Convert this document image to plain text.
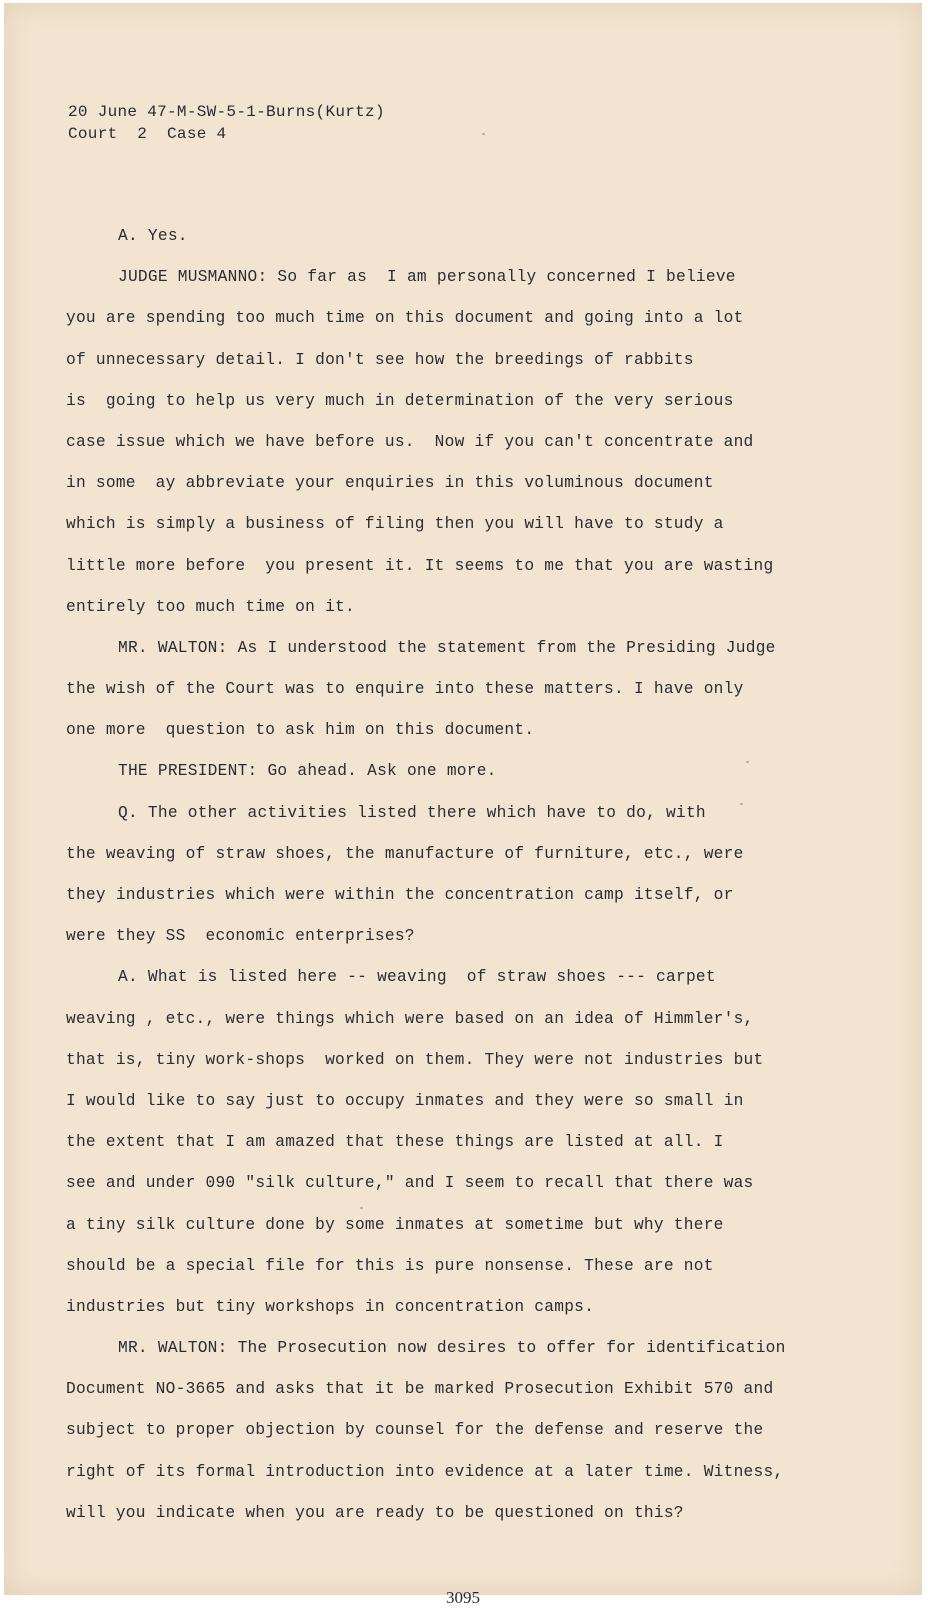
20 June 47-M-SW-5-1-Burns(Kurtz)
Court  2  Case 4
A. Yes.
JUDGE MUSMANNO: So far as  I am personally concerned I believe
you are spending too much time on this document and going into a lot
of unnecessary detail. I don't see how the breedings of rabbits
is  going to help us very much in determination of the very serious
case issue which we have before us.  Now if you can't concentrate and
in some  ay abbreviate your enquiries in this voluminous document
which is simply a business of filing then you will have to study a
little more before  you present it. It seems to me that you are wasting
entirely too much time on it.
MR. WALTON: As I understood the statement from the Presiding Judge
the wish of the Court was to enquire into these matters. I have only
one more  question to ask him on this document.
THE PRESIDENT: Go ahead. Ask one more.
Q. The other activities listed there which have to do, with
the weaving of straw shoes, the manufacture of furniture, etc., were
they industries which were within the concentration camp itself, or
were they SS  economic enterprises?
A. What is listed here -- weaving  of straw shoes --- carpet
weaving , etc., were things which were based on an idea of Himmler's,
that is, tiny work-shops  worked on them. They were not industries but
I would like to say just to occupy inmates and they were so small in
the extent that I am amazed that these things are listed at all. I
see and under 090 "silk culture," and I seem to recall that there was
a tiny silk culture done by some inmates at sometime but why there
should be a special file for this is pure nonsense. These are not
industries but tiny workshops in concentration camps.
MR. WALTON: The Prosecution now desires to offer for identification
Document NO-3665 and asks that it be marked Prosecution Exhibit 570 and
subject to proper objection by counsel for the defense and reserve the
right of its formal introduction into evidence at a later time. Witness,
will you indicate when you are ready to be questioned on this?
3095
